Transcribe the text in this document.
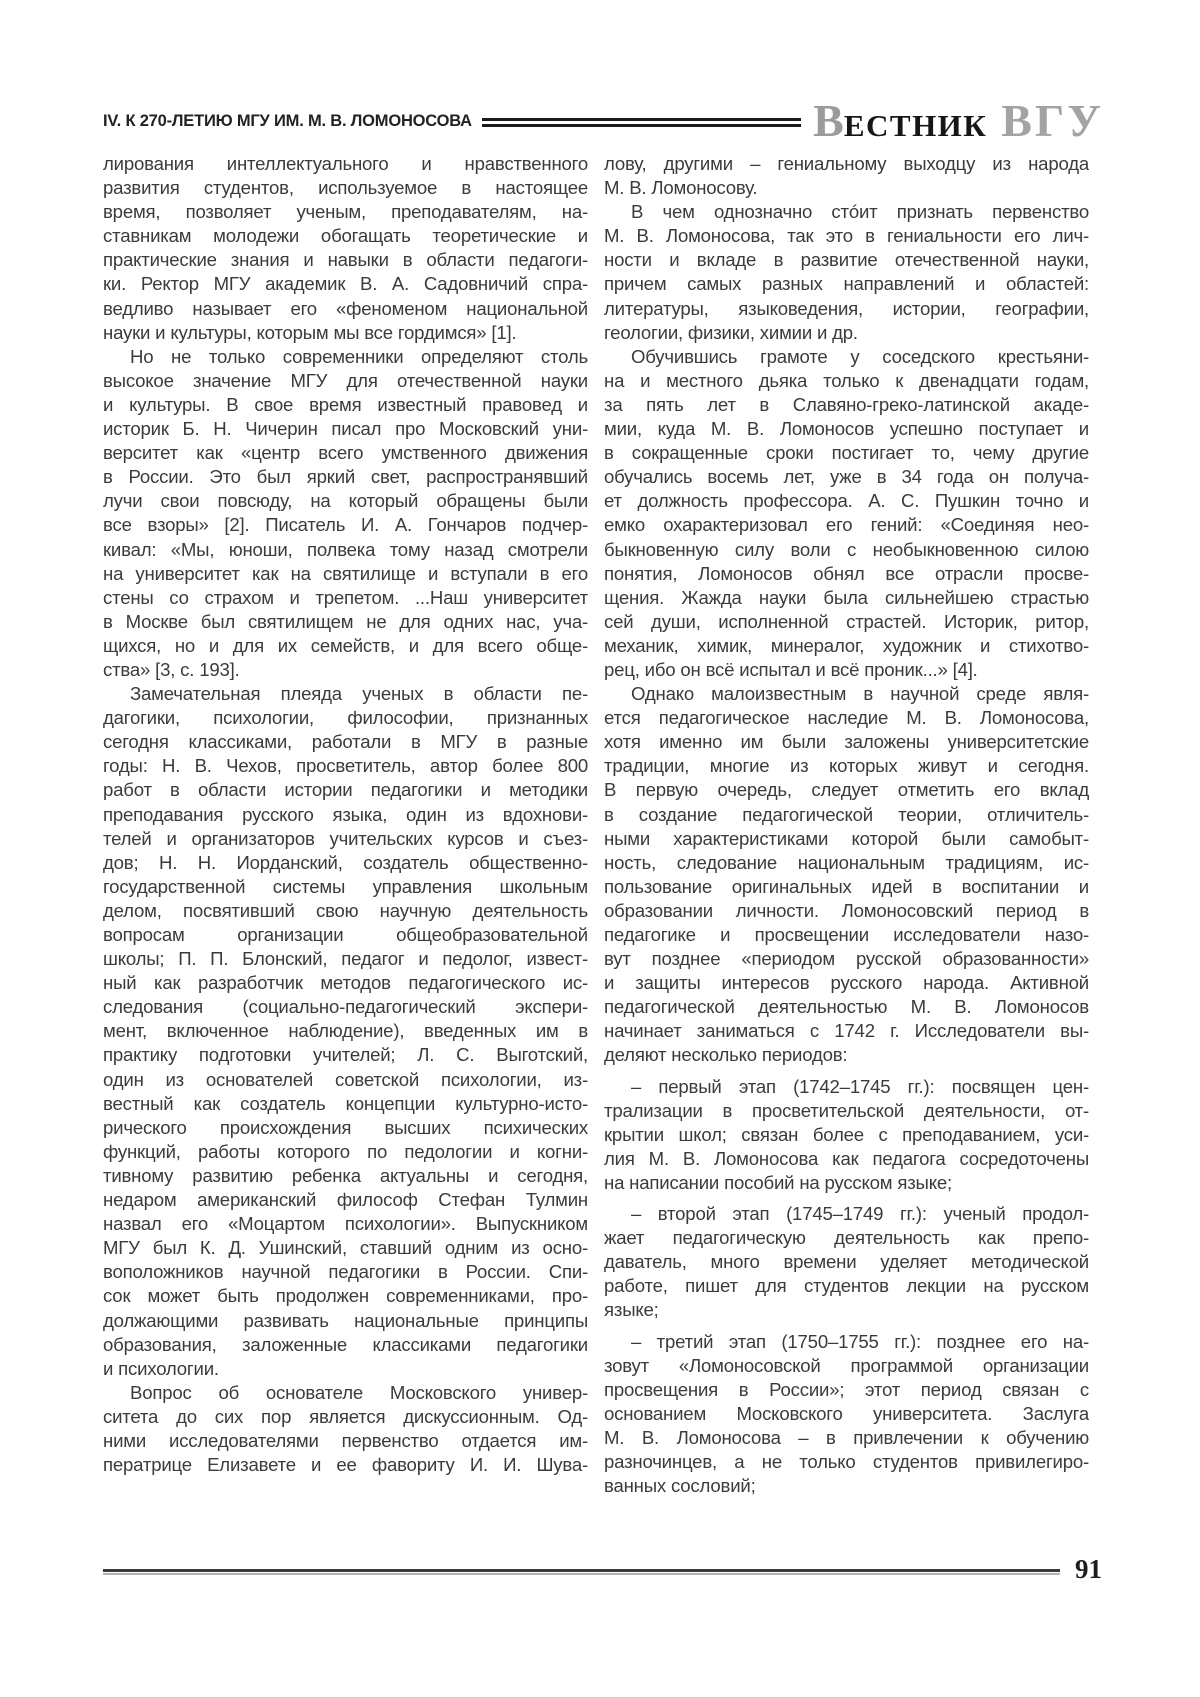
IV. К 270-ЛЕТИЮ МГУ ИМ. М. В. ЛОМОНОСОВА	ВЕСТНИК ВГУ
лирования интеллектуального и нравственного
развития студентов, используемое в настоящее
время, позволяет ученым, преподавателям, на-
ставникам молодежи обогащать теоретические и
практические знания и навыки в области педагоги-
ки. Ректор МГУ академик В. А. Садовничий спра-
ведливо называет его «феноменом национальной
науки и культуры, которым мы все гордимся» [1].
Но не только современники определяют столь
высокое значение МГУ для отечественной науки
и культуры. В свое время известный правовед и
историк Б. Н. Чичерин писал про Московский уни-
верситет как «центр всего умственного движения
в России. Это был яркий свет, распространявший
лучи свои повсюду, на который обращены были
все взоры» [2]. Писатель И. А. Гончаров подчер-
кивал: «Мы, юноши, полвека тому назад смотрели
на университет как на святилище и вступали в его
стены со страхом и трепетом. ...Наш университет
в Москве был святилищем не для одних нас, уча-
щихся, но и для их семейств, и для всего обще-
ства» [3, с. 193].
Замечательная плеяда ученых в области пе-
дагогики, психологии, философии, признанных
сегодня классиками, работали в МГУ в разные
годы: Н. В. Чехов, просветитель, автор более 800
работ в области истории педагогики и методики
преподавания русского языка, один из вдохнови-
телей и организаторов учительских курсов и съез-
дов; Н. Н. Иорданский, создатель общественно-
государственной системы управления школьным
делом, посвятивший свою научную деятельность
вопросам организации общеобразовательной
школы; П. П. Блонский, педагог и педолог, извест-
ный как разработчик методов педагогического ис-
следования (социально-педагогический экспери-
мент, включенное наблюдение), введенных им в
практику подготовки учителей; Л. С. Выготский,
один из основателей советской психологии, из-
вестный как создатель концепции культурно-исто-
рического происхождения высших психических
функций, работы которого по педологии и когни-
тивному развитию ребенка актуальны и сегодня,
недаром американский философ Стефан Тулмин
назвал его «Моцартом психологии». Выпускником
МГУ был К. Д. Ушинский, ставший одним из осно-
воположников научной педагогики в России. Спи-
сок может быть продолжен современниками, про-
должающими развивать национальные принципы
образования, заложенные классиками педагогики
и психологии.
Вопрос об основателе Московского универ-
ситета до сих пор является дискуссионным. Од-
ними исследователями первенство отдается им-
ператрице Елизавете и ее фавориту И. И. Шува-
лову, другими – гениальному выходцу из народа
М. В. Ломоносову.
В чем однозначно стóит признать первенство
М. В. Ломоносова, так это в гениальности его лич-
ности и вкладе в развитие отечественной науки,
причем самых разных направлений и областей:
литературы, языковедения, истории, географии,
геологии, физики, химии и др.
Обучившись грамоте у соседского крестьяни-
на и местного дьяка только к двенадцати годам,
за пять лет в Славяно-греко-латинской акаде-
мии, куда М. В. Ломоносов успешно поступает и
в сокращенные сроки постигает то, чему другие
обучались восемь лет, уже в 34 года он получа-
ет должность профессора. А. С. Пушкин точно и
емко охарактеризовал его гений: «Соединяя нео-
быкновенную силу воли с необыкновенною силою
понятия, Ломоносов обнял все отрасли просве-
щения. Жажда науки была сильнейшею страстью
сей души, исполненной страстей. Историк, ритор,
механик, химик, минералог, художник и стихотво-
рец, ибо он всё испытал и всё проник...» [4].
Однако малоизвестным в научной среде явля-
ется педагогическое наследие М. В. Ломоносова,
хотя именно им были заложены университетские
традиции, многие из которых живут и сегодня.
В первую очередь, следует отметить его вклад
в создание педагогической теории, отличитель-
ными характеристиками которой были самобыт-
ность, следование национальным традициям, ис-
пользование оригинальных идей в воспитании и
образовании личности. Ломоносовский период в
педагогике и просвещении исследователи назо-
вут позднее «периодом русской образованности»
и защиты интересов русского народа. Активной
педагогической деятельностью М. В. Ломоносов
начинает заниматься с 1742 г. Исследователи вы-
деляют несколько периодов:
– первый этап (1742–1745 гг.): посвящен цен-
трализации в просветительской деятельности, от-
крытии школ; связан более с преподаванием, уси-
лия М. В. Ломоносова как педагога сосредоточены
на написании пособий на русском языке;
– второй этап (1745–1749 гг.): ученый продол-
жает педагогическую деятельность как препо-
даватель, много времени уделяет методической
работе, пишет для студентов лекции на русском
языке;
– третий этап (1750–1755 гг.): позднее его на-
зовут «Ломоносовской программой организации
просвещения в России»; этот период связан с
основанием Московского университета. Заслуга
М. В. Ломоносова – в привлечении к обучению
разночинцев, а не только студентов привилегиро-
ванных сословий;
91
